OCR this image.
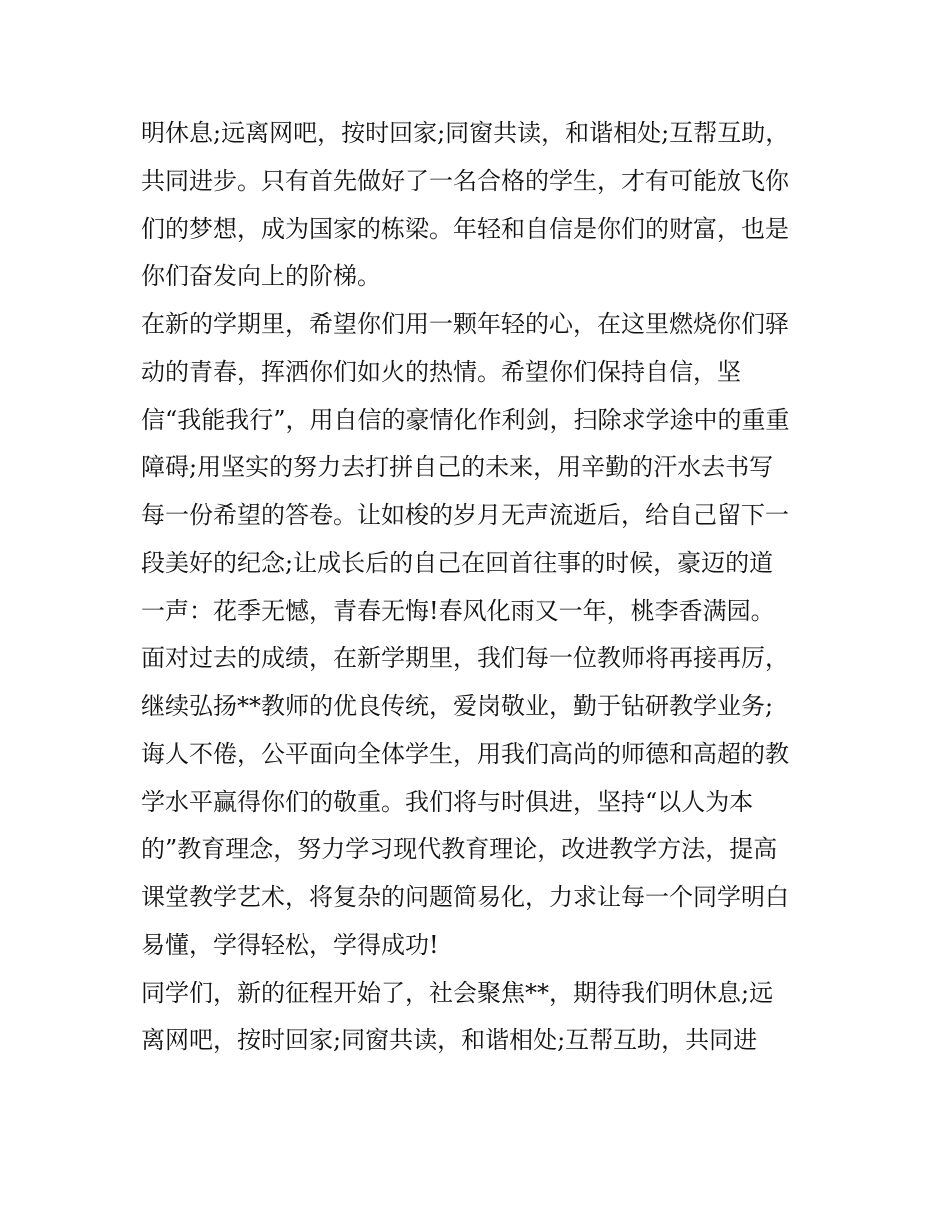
明休息;远离网吧，按时回家;同窗共读，和谐相处;互帮互助，
共同进步。只有首先做好了一名合格的学生，才有可能放飞你
们的梦想，成为国家的栋梁。年轻和自信是你们的财富，也是
你们奋发向上的阶梯。
在新的学期里，希望你们用一颗年轻的心，在这里燃烧你们驿
动的青春，挥洒你们如火的热情。希望你们保持自信，坚
信“我能我行”，用自信的豪情化作利剑，扫除求学途中的重重
障碍;用坚实的努力去打拼自己的未来，用辛勤的汗水去书写
每一份希望的答卷。让如梭的岁月无声流逝后，给自己留下一
段美好的纪念;让成长后的自己在回首往事的时候，豪迈的道
一声：花季无憾，青春无悔!春风化雨又一年，桃李香满园。
面对过去的成绩，在新学期里，我们每一位教师将再接再厉，
继续弘扬**教师的优良传统，爱岗敬业，勤于钻研教学业务;
诲人不倦，公平面向全体学生，用我们高尚的师德和高超的教
学水平赢得你们的敬重。我们将与时俱进，坚持“以人为本
的”教育理念，努力学习现代教育理论，改进教学方法，提高
课堂教学艺术，将复杂的问题简易化，力求让每一个同学明白
易懂，学得轻松，学得成功!
同学们，新的征程开始了，社会聚焦**，期待我们明休息;远
离网吧，按时回家;同窗共读，和谐相处;互帮互助，共同进
